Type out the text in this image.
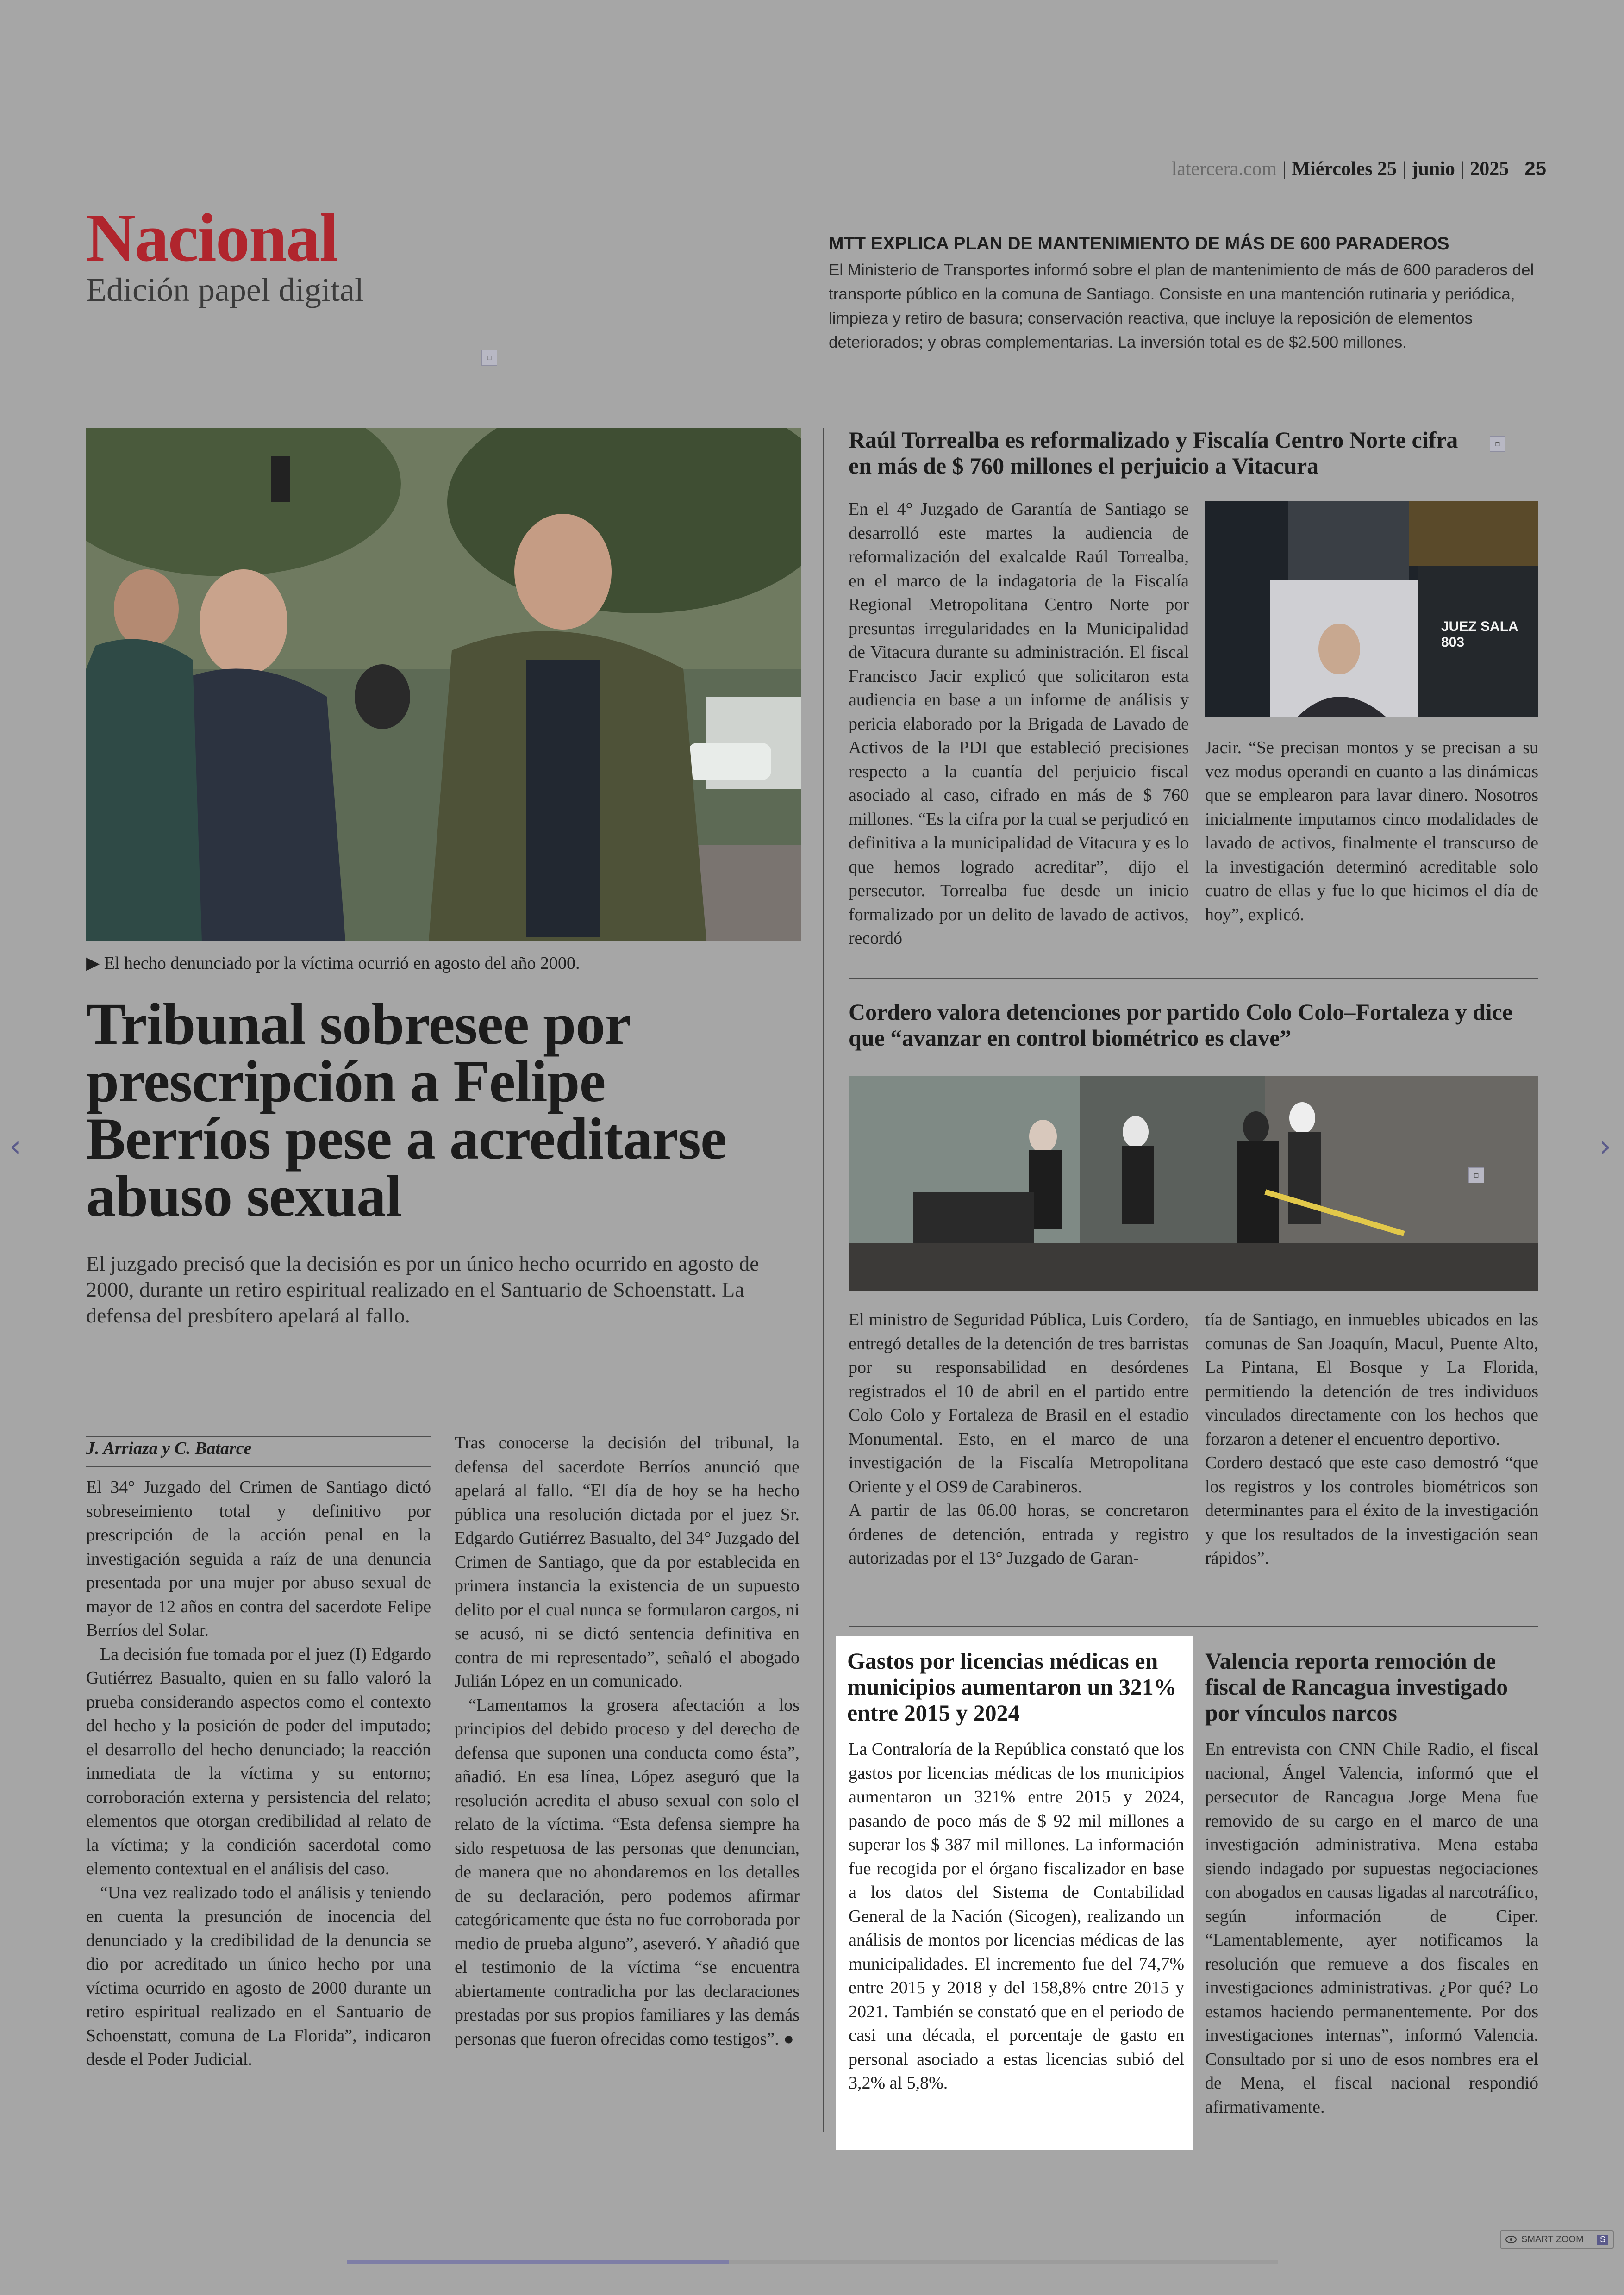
latercera.com | Miércoles 25 | junio | 2025 25
Nacional
Edición papel digital
MTT EXPLICA PLAN DE MANTENIMIENTO DE MÁS DE 600 PARADEROS
El Ministerio de Transportes informó sobre el plan de mantenimiento de más de 600 paraderos del transporte público en la comuna de Santiago. Consiste en una mantención rutinaria y periódica, limpieza y retiro de basura; conservación reactiva, que incluye la reposición de elementos deteriorados; y obras complementarias. La inversión total es de $2.500 millones.
▫
▶ El hecho denunciado por la víctima ocurrió en agosto del año 2000.
Tribunal sobresee por prescripción a Felipe Berríos pese a acreditarse abuso sexual
El juzgado precisó que la decisión es por un único hecho ocurrido en agosto de 2000, durante un retiro espiritual realizado en el Santuario de Schoenstatt. La defensa del presbítero apelará al fallo.
J. Arriaza y C. Batarce

El 34° Juzgado del Crimen de Santiago dictó sobreseimiento total y definitivo por prescripción de la acción penal en la investigación seguida a raíz de una denuncia presentada por una mujer por abuso sexual de mayor de 12 años en contra del sacerdote Felipe Berríos del Solar.

La decisión fue tomada por el juez (I) Edgardo Gutiérrez Basualto, quien en su fallo valoró la prueba considerando aspectos como el contexto del hecho y la posición de poder del imputado; el desarrollo del hecho denunciado; la reacción inmediata de la víctima y su entorno; corroboración externa y persistencia del relato; elementos que otorgan credibilidad al relato de la víctima; y la condición sacerdotal como elemento contextual en el análisis del caso.

“Una vez realizado todo el análisis y teniendo en cuenta la presunción de inocencia del denunciado y la credibilidad de la denuncia se dio por acreditado un único hecho por una víctima ocurrido en agosto de 2000 durante un retiro espiritual realizado en el Santuario de Schoenstatt, comuna de La Florida”, indicaron desde el Poder Judicial.

Tras conocerse la decisión del tribunal, la defensa del sacerdote Berríos anunció que apelará al fallo. “El día de hoy se ha hecho pública una resolución dictada por el juez Sr. Edgardo Gutiérrez Basualto, del 34° Juzgado del Crimen de Santiago, que da por establecida en primera instancia la existencia de un supuesto delito por el cual nunca se formularon cargos, ni se acusó, ni se dictó sentencia definitiva en contra de mi representado”, señaló el abogado Julián López en un comunicado.

“Lamentamos la grosera afectación a los principios del debido proceso y del derecho de defensa que suponen una conducta como ésta”, añadió. En esa línea, López aseguró que la resolución acredita el abuso sexual con solo el relato de la víctima. “Esta defensa siempre ha sido respetuosa de las personas que denuncian, de manera que no ahondaremos en los detalles de su declaración, pero podemos afirmar categóricamente que ésta no fue corroborada por medio de prueba alguno”, aseveró. Y añadió que el testimonio de la víctima “se encuentra abiertamente contradicha por las declaraciones prestadas por sus propios familiares y las demás personas que fueron ofrecidas como testigos”. ●

Raúl Torrealba es reformalizado y Fiscalía Centro Norte cifra en más de $ 760 millones el perjuicio a Vitacura
▫
En el 4° Juzgado de Garantía de Santiago se desarrolló este martes la audiencia de reformalización del exalcalde Raúl Torrealba, en el marco de la indagatoria de la Fiscalía Regional Metropolitana Centro Norte por presuntas irregularidades en la Municipalidad de Vitacura durante su administración. El fiscal Francisco Jacir explicó que solicitaron esta audiencia en base a un informe de análisis y pericia elaborado por la Brigada de Lavado de Activos de la PDI que estableció precisiones respecto a la cuantía del perjuicio fiscal asociado al caso, cifrado en más de $ 760 millones. “Es la cifra por la cual se perjudicó en definitiva a la municipalidad de Vitacura y es lo que hemos logrado acreditar”, dijo el persecutor. Torrealba fue desde un inicio formalizado por un delito de lavado de activos, recordó
JUEZ SALA 803
Jacir. “Se precisan montos y se precisan a su vez modus operandi en cuanto a las dinámicas que se emplearon para lavar dinero. Nosotros inicialmente imputamos cinco modalidades de lavado de activos, finalmente el transcurso de la investigación determinó acreditable solo cuatro de ellas y fue lo que hicimos el día de hoy”, explicó.
Cordero valora detenciones por partido Colo Colo–Fortaleza y dice que “avanzar en control biométrico es clave”
▫
El ministro de Seguridad Pública, Luis Cordero, entregó detalles de la detención de tres barristas por su responsabilidad en desórdenes registrados el 10 de abril en el partido entre Colo Colo y Fortaleza de Brasil en el estadio Monumental. Esto, en el marco de una investigación de la Fiscalía Metropolitana Oriente y el OS9 de Carabineros.
A partir de las 06.00 horas, se concretaron órdenes de detención, entrada y registro autorizadas por el 13° Juzgado de Garan-
tía de Santiago, en inmuebles ubicados en las comunas de San Joaquín, Macul, Puente Alto, La Pintana, El Bosque y La Florida, permitiendo la detención de tres individuos vinculados directamente con los hechos que forzaron a detener el encuentro deportivo.
Cordero destacó que este caso demostró “que los registros y los controles biométricos son determinantes para el éxito de la investigación y que los resultados de la investigación sean rápidos”.
Gastos por licencias médicas en municipios aumentaron un 321% entre 2015 y 2024
La Contraloría de la República constató que los gastos por licencias médicas de los municipios aumentaron un 321% entre 2015 y 2024, pasando de poco más de $ 92 mil millones a superar los $ 387 mil millones. La información fue recogida por el órgano fiscalizador en base a los datos del Sistema de Contabilidad General de la Nación (Sicogen), realizando un análisis de montos por licencias médicas de las municipalidades. El incremento fue del 74,7% entre 2015 y 2018 y del 158,8% entre 2015 y 2021. También se constató que en el periodo de casi una década, el porcentaje de gasto en personal asociado a estas licencias subió del 3,2% al 5,8%.
Valencia reporta remoción de fiscal de Rancagua investigado por vínculos narcos
En entrevista con CNN Chile Radio, el fiscal nacional, Ángel Valencia, informó que el persecutor de Rancagua Jorge Mena fue removido de su cargo en el marco de una investigación administrativa. Mena estaba siendo indagado por supuestas negociaciones con abogados en causas ligadas al narcotráfico, según información de Ciper. “Lamentablemente, ayer notificamos la resolución que remueve a dos fiscales en investigaciones administrativas. ¿Por qué? Lo estamos haciendo permanentemente. Por dos investigaciones internas”, informó Valencia. Consultado por si uno de esos nombres era el de Mena, el fiscal nacional respondió afirmativamente.
‹	›
SMART ZOOM	S
